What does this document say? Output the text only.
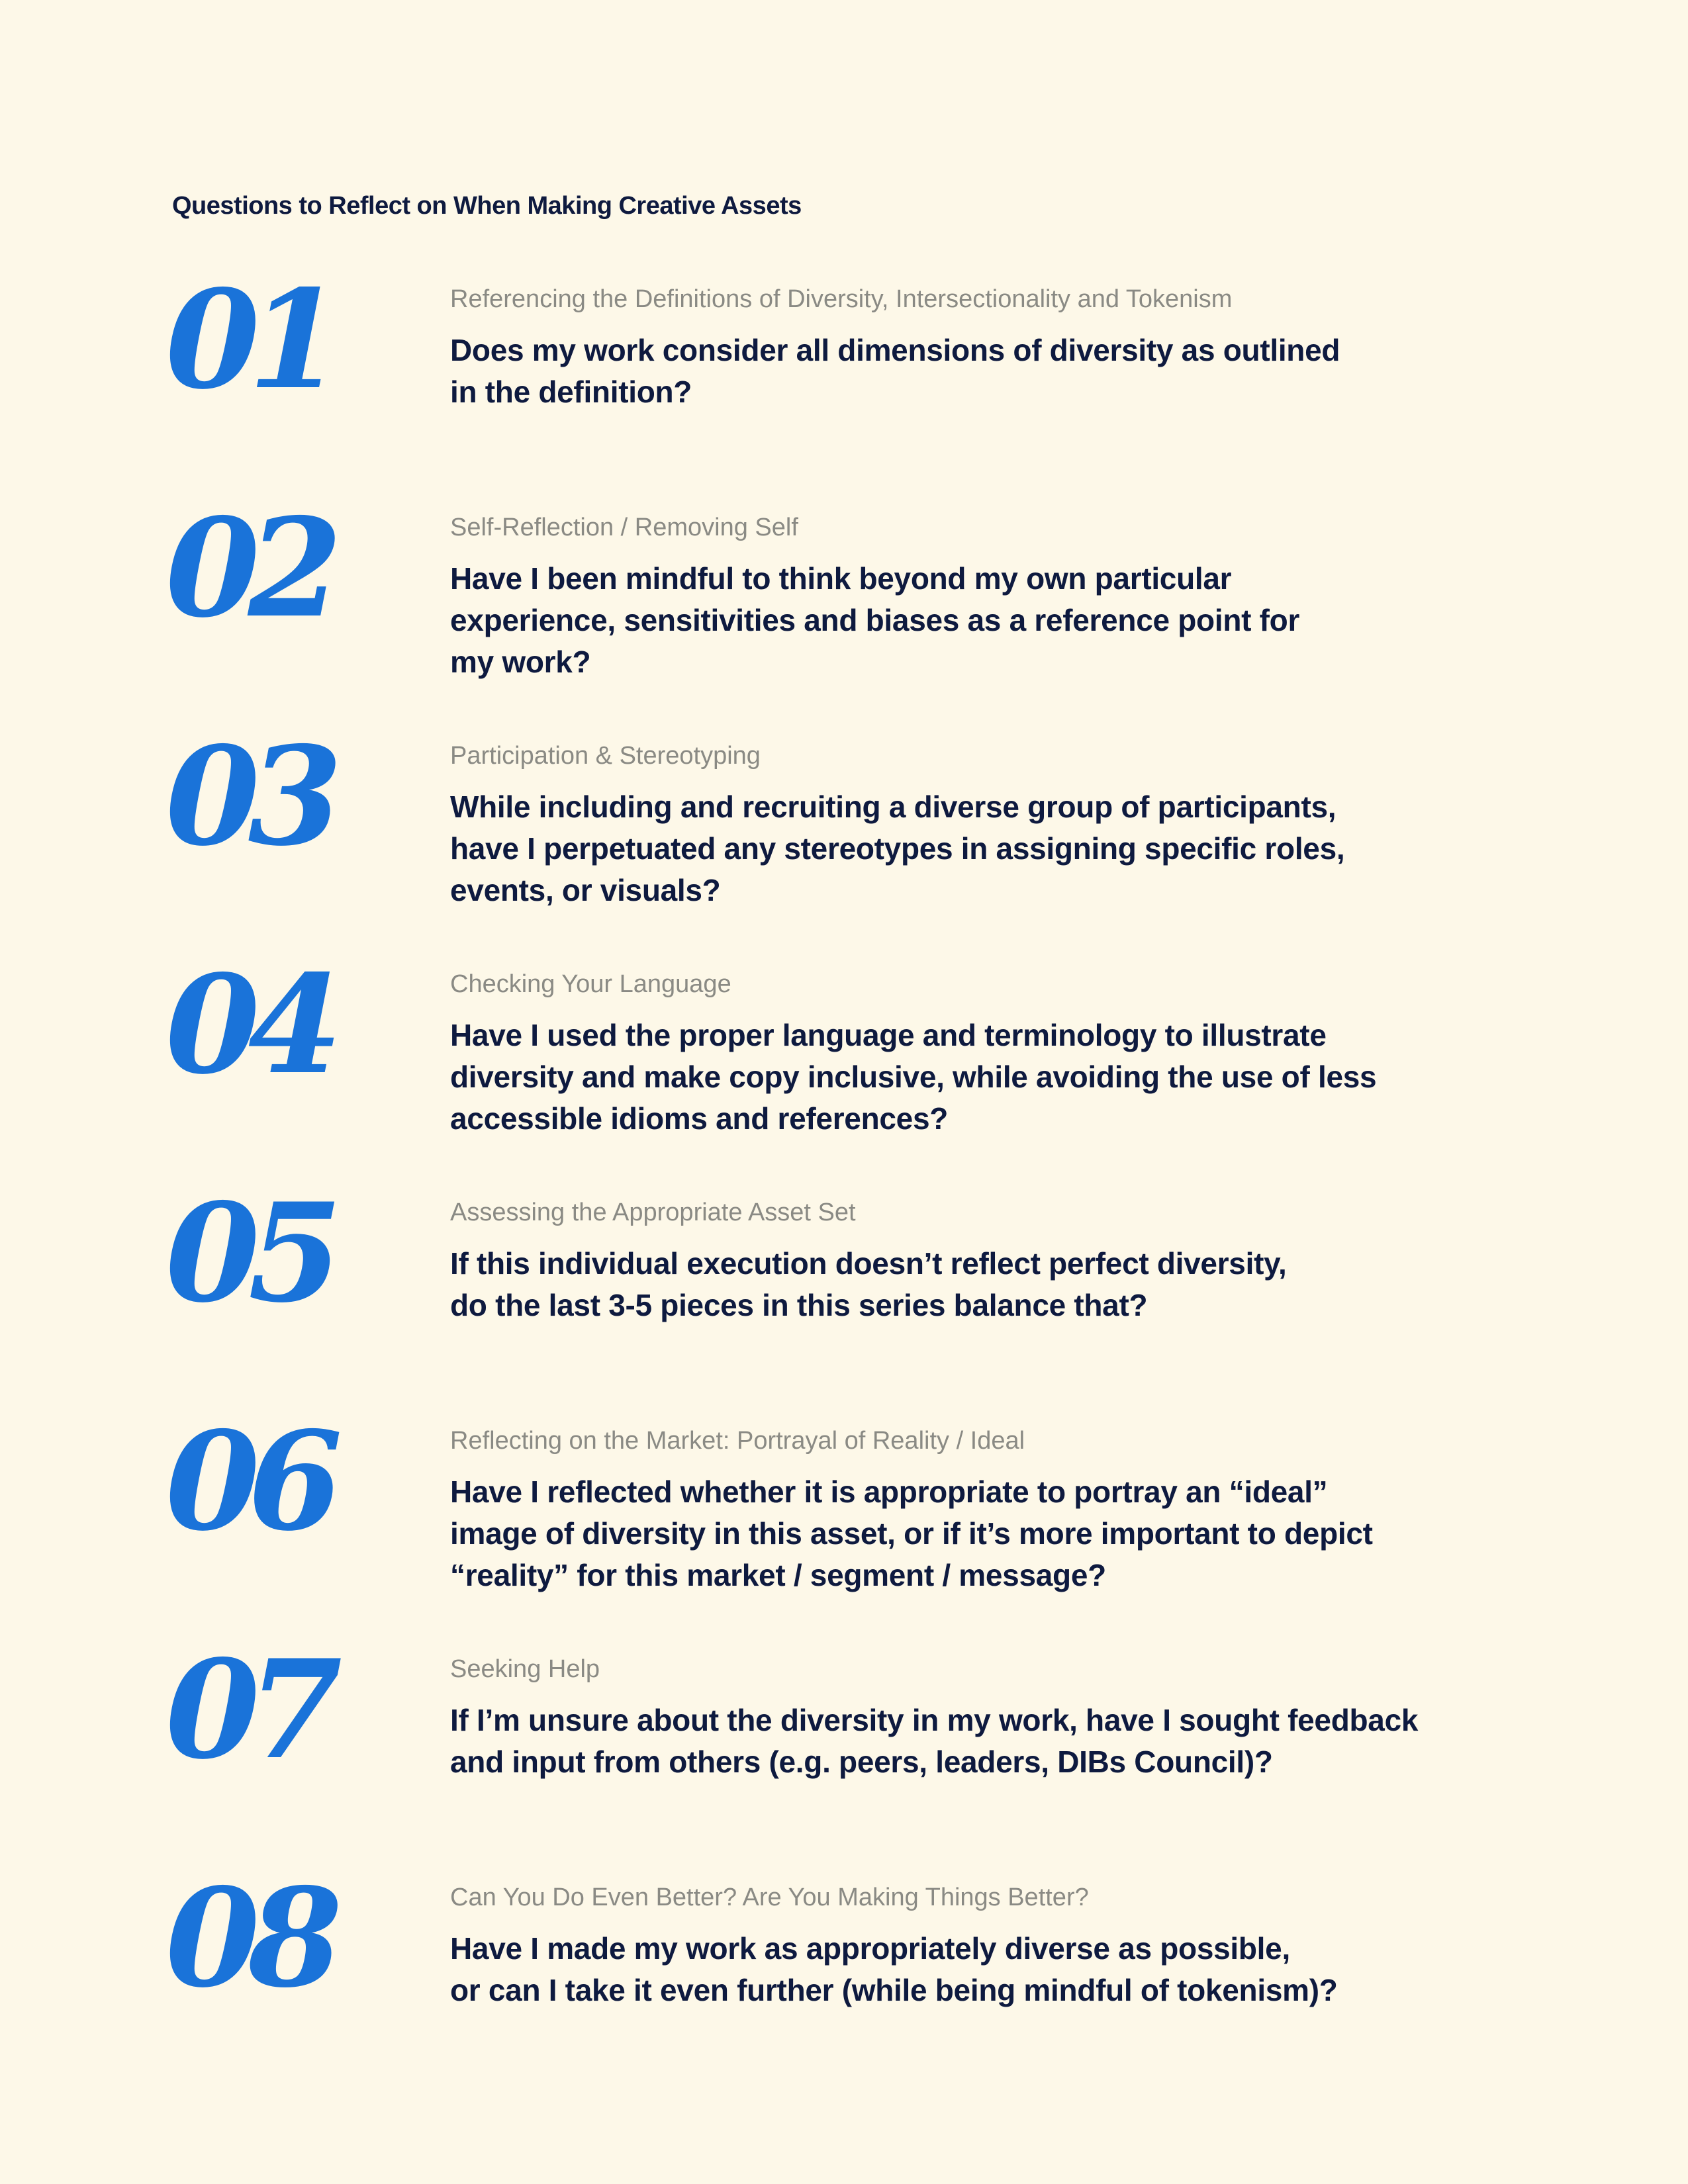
Questions to Reflect on When Making Creative Assets
01	Referencing the Definitions of Diversity, Intersectionality and Tokenism

Does my work consider all dimensions of diversity as outlined
in the definition?

02	Self-Reflection / Removing Self

Have I been mindful to think beyond my own particular
experience, sensitivities and biases as a reference point for
my work?

03	Participation & Stereotyping

While including and recruiting a diverse group of participants,
have I perpetuated any stereotypes in assigning specific roles,
events, or visuals?

04	Checking Your Language

Have I used the proper language and terminology to illustrate
diversity and make copy inclusive, while avoiding the use of less
accessible idioms and references?

05	Assessing the Appropriate Asset Set

If this individual execution doesn’t reflect perfect diversity,
do the last 3-5 pieces in this series balance that?

06	Reflecting on the Market: Portrayal of Reality / Ideal

Have I reflected whether it is appropriate to portray an “ideal”
image of diversity in this asset, or if it’s more important to depict
“reality” for this market / segment / message?

07	Seeking Help

If I’m unsure about the diversity in my work, have I sought feedback
and input from others (e.g. peers, leaders, DIBs Council)?

08	Can You Do Even Better? Are You Making Things Better?

Have I made my work as appropriately diverse as possible,
or can I take it even further (while being mindful of tokenism)?
